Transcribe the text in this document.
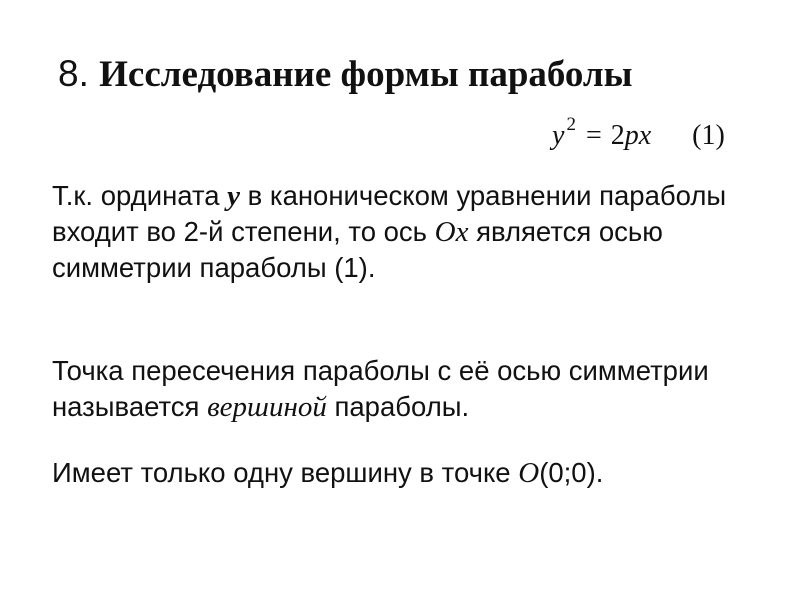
8. Исследование формы параболы
y $^2$ = 2px (1)
Т.к. ордината y в каноническом уравнении параболы входит во 2-й степени, то ось Ox является осью симметрии параболы (1).
Точка пересечения параболы с её осью симметрии называется вершиной параболы.
Имеет только одну вершину в точке O(0;0).
